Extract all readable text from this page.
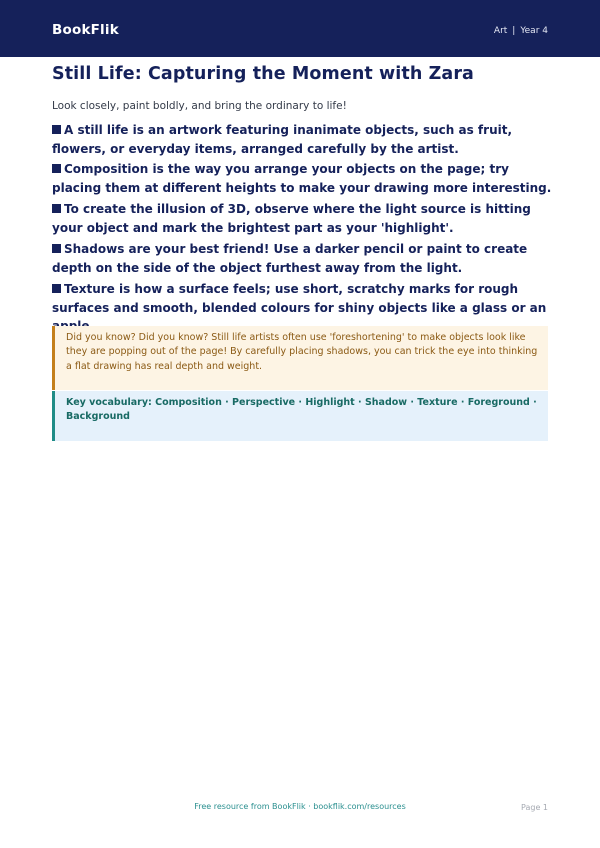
BookFlik	Art | Year 4
Still Life: Capturing the Moment with Zara

Look closely, paint boldly, and bring the ordinary to life!

A still life is an artwork featuring inanimate objects, such as fruit, flowers, or everyday items, arranged carefully by the artist.
Composition is the way you arrange your objects on the page; try placing them at different heights to make your drawing more interesting.
To create the illusion of 3D, observe where the light source is hitting your object and mark the brightest part as your 'highlight'.
Shadows are your best friend! Use a darker pencil or paint to create depth on the side of the object furthest away from the light.
Texture is how a surface feels; use short, scratchy marks for rough surfaces and smooth, blended colours for shiny objects like a glass or an
Did you know? Did you know? Still life artists often use 'foreshortening' to make objects look like they are popping out of the page! By carefully placing shadows, you can trick the eye into thinking a flat drawing has real depth and weight.
Key vocabulary: Composition · Perspective · Highlight · Shadow · Texture · Foreground · Background
Free resource from BookFlik · bookflik.com/resources	Page 1
